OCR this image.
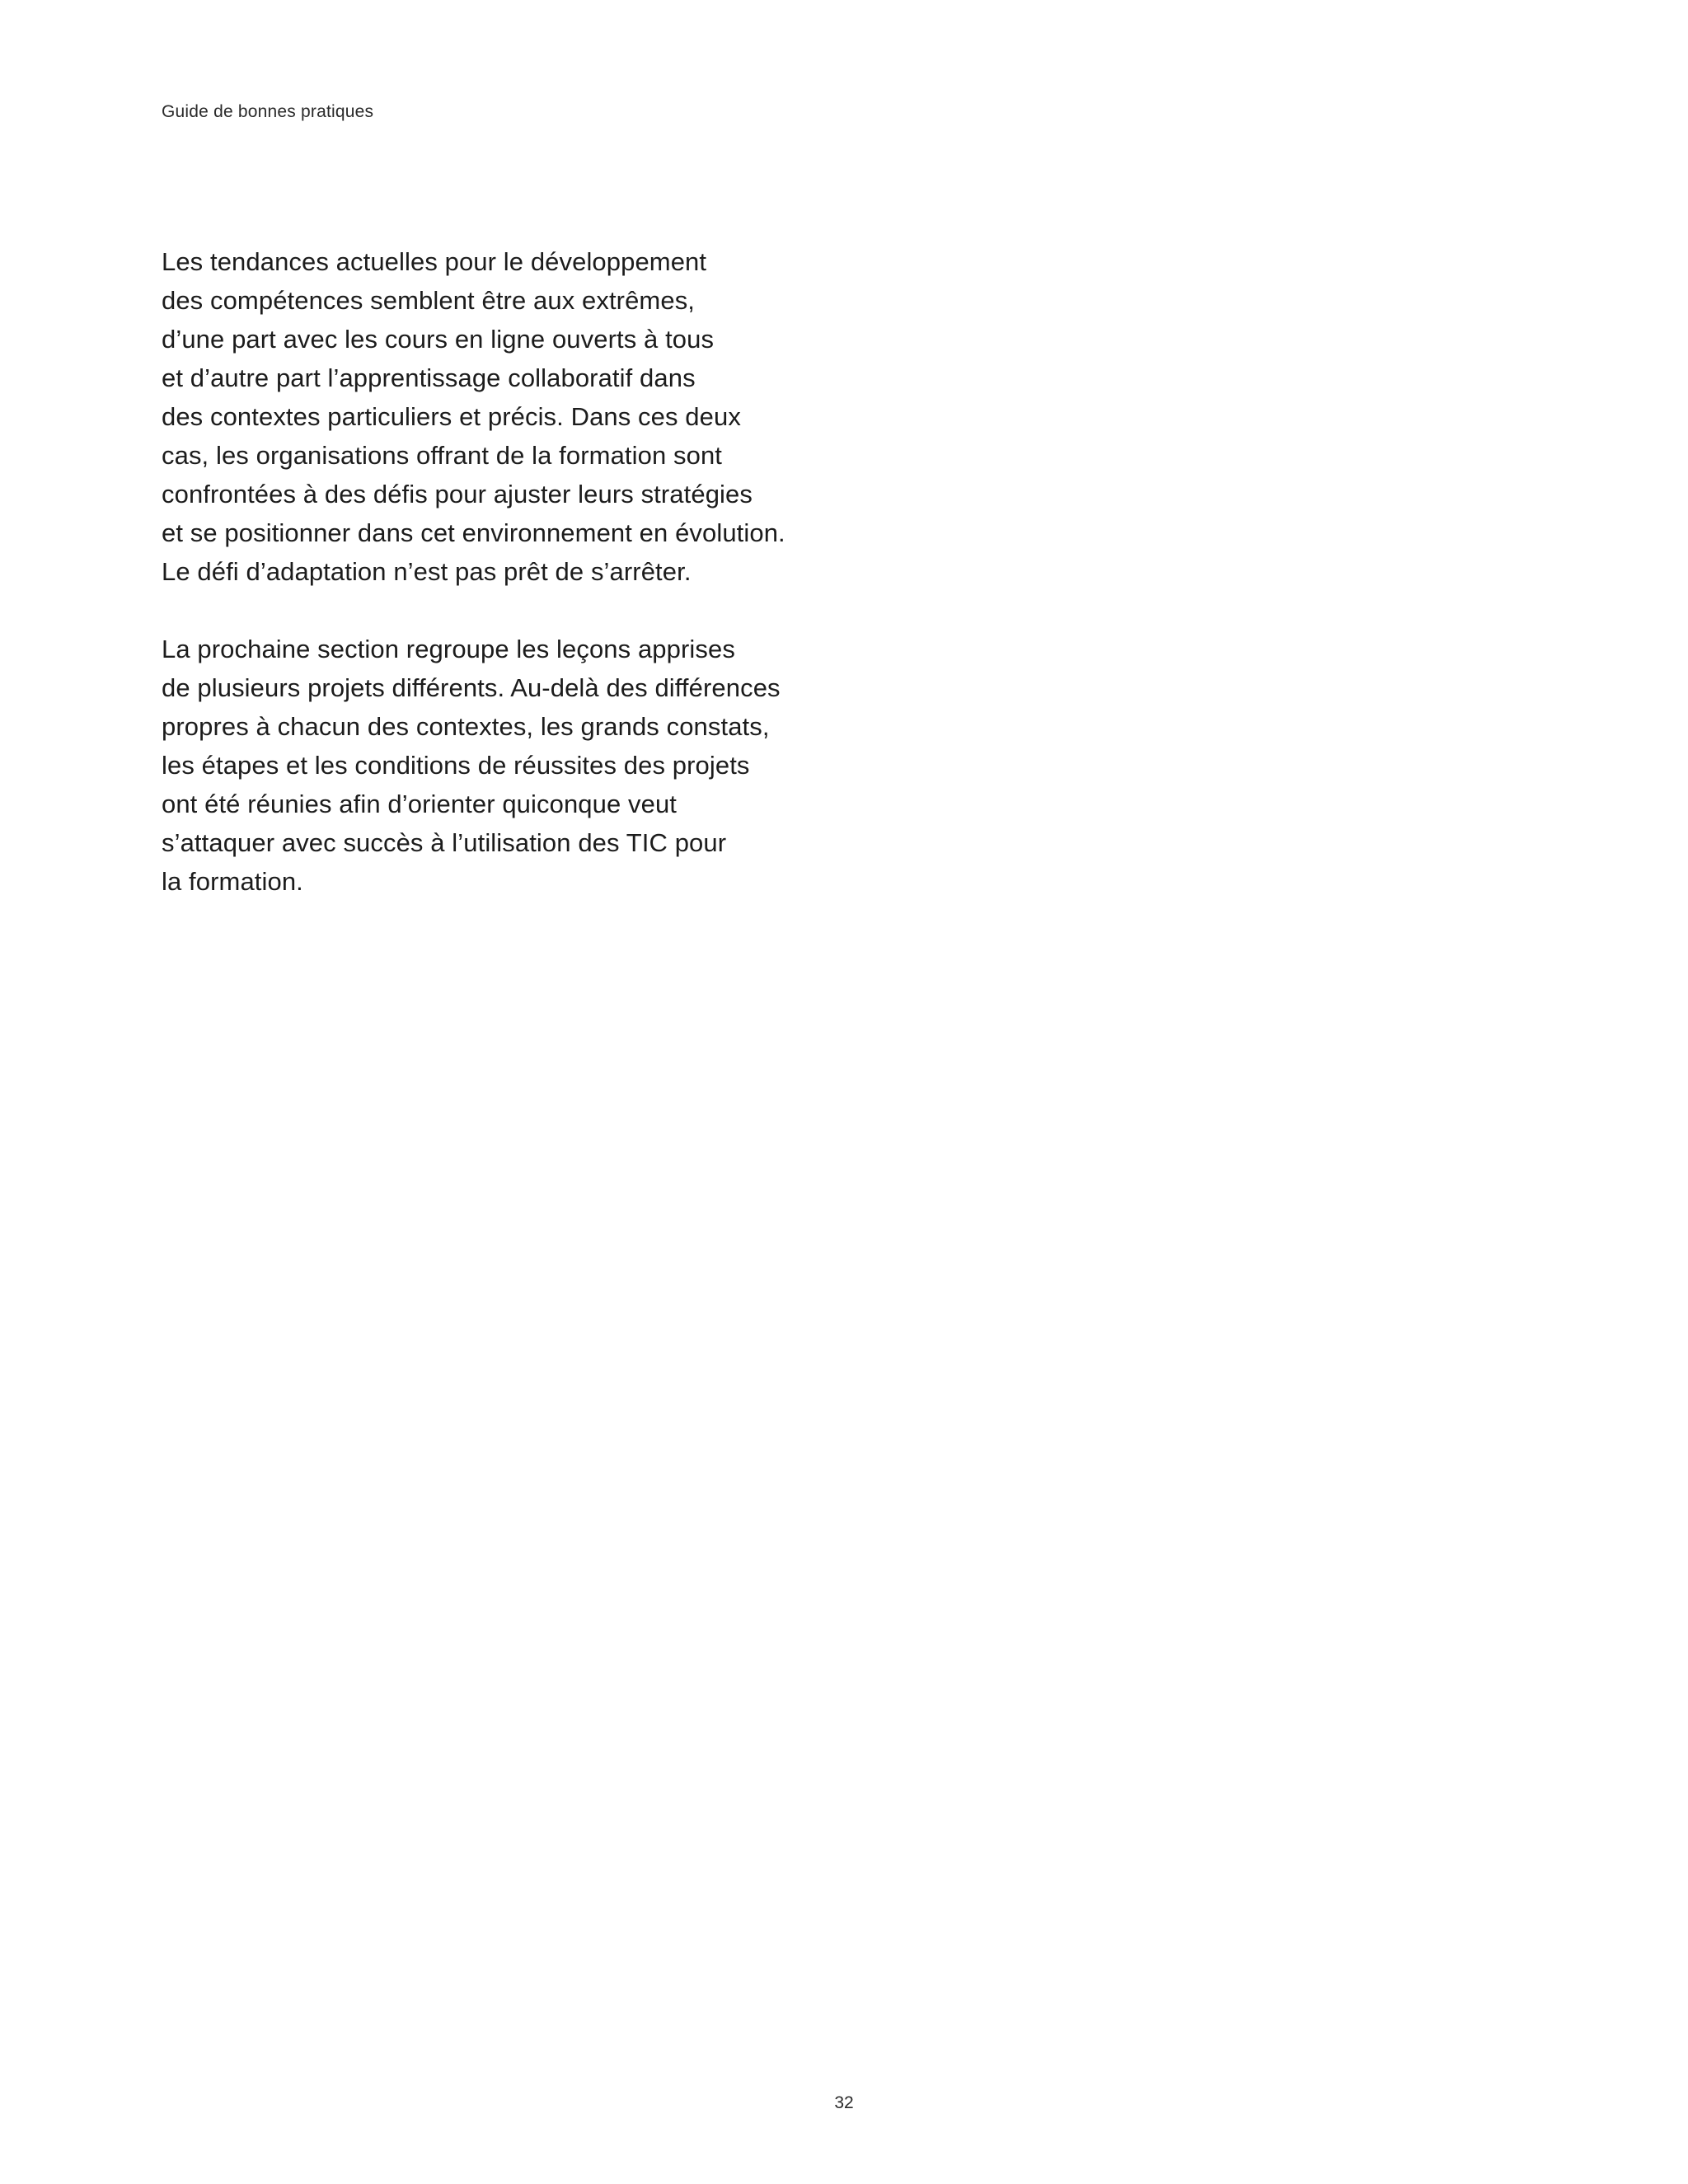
Guide de bonnes pratiques
Les tendances actuelles pour le développement
des compétences semblent être aux extrêmes,
d’une part avec les cours en ligne ouverts à tous
et d’autre part l’apprentissage collaboratif dans
des contextes particuliers et précis. Dans ces deux
cas, les organisations offrant de la formation sont
confrontées à des défis pour ajuster leurs stratégies
et se positionner dans cet environnement en évolution.
Le défi d’adaptation n’est pas prêt de s’arrêter.
La prochaine section regroupe les leçons apprises
de plusieurs projets différents. Au-delà des différences
propres à chacun des contextes, les grands constats,
les étapes et les conditions de réussites des projets
ont été réunies afin d’orienter quiconque veut
s’attaquer avec succès à l’utilisation des TIC pour
la formation.
32
